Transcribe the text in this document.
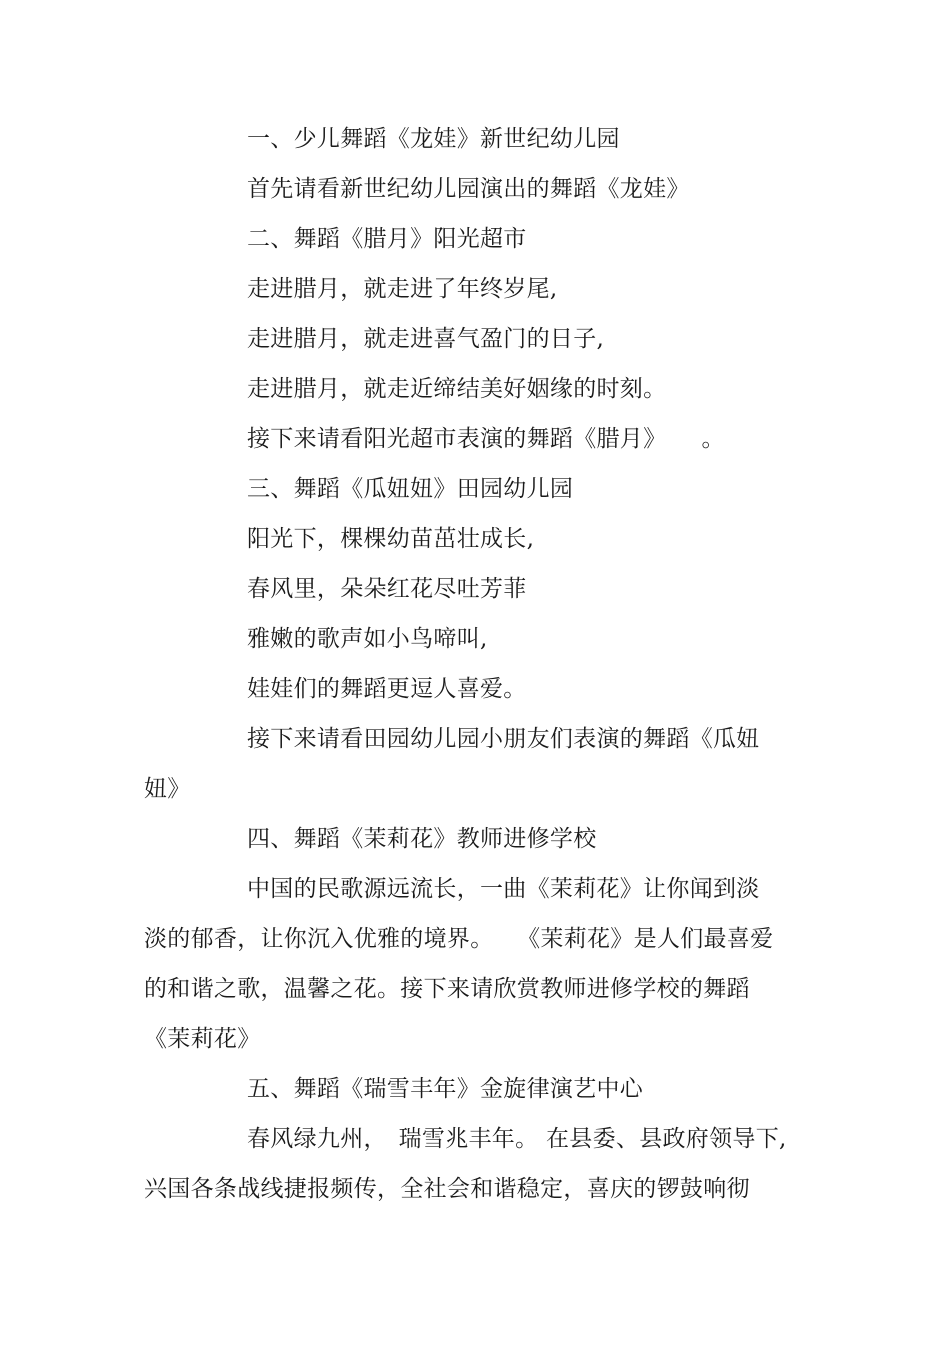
一、少儿舞蹈《龙娃》新世纪幼儿园
首先请看新世纪幼儿园演出的舞蹈《龙娃》
二、舞蹈《腊月》阳光超市
走进腊月，就走进了年终岁尾,
走进腊月，就走进喜气盈门的日子,
走进腊月，就走近缔结美好姻缘的时刻。
接下来请看阳光超市表演的舞蹈《腊月》　　。
三、舞蹈《瓜妞妞》田园幼儿园
阳光下，棵棵幼苗茁壮成长,
春风里，朵朵红花尽吐芳菲
雅嫩的歌声如小鸟啼叫,
娃娃们的舞蹈更逗人喜爱。
接下来请看田园幼儿园小朋友们表演的舞蹈《瓜妞
妞》
四、舞蹈《茉莉花》教师进修学校
中国的民歌源远流长，一曲《茉莉花》让你闻到淡
淡的郁香，让你沉入优雅的境界。　　《茉莉花》是人们最喜爱
的和谐之歌，温馨之花。接下来请欣赏教师进修学校的舞蹈
《茉莉花》
五、舞蹈《瑞雪丰年》金旋律演艺中心
春风绿九州，　瑞雪兆丰年。 在县委、县政府领导下,
兴国各条战线捷报频传，全社会和谐稳定，喜庆的锣鼓响彻
